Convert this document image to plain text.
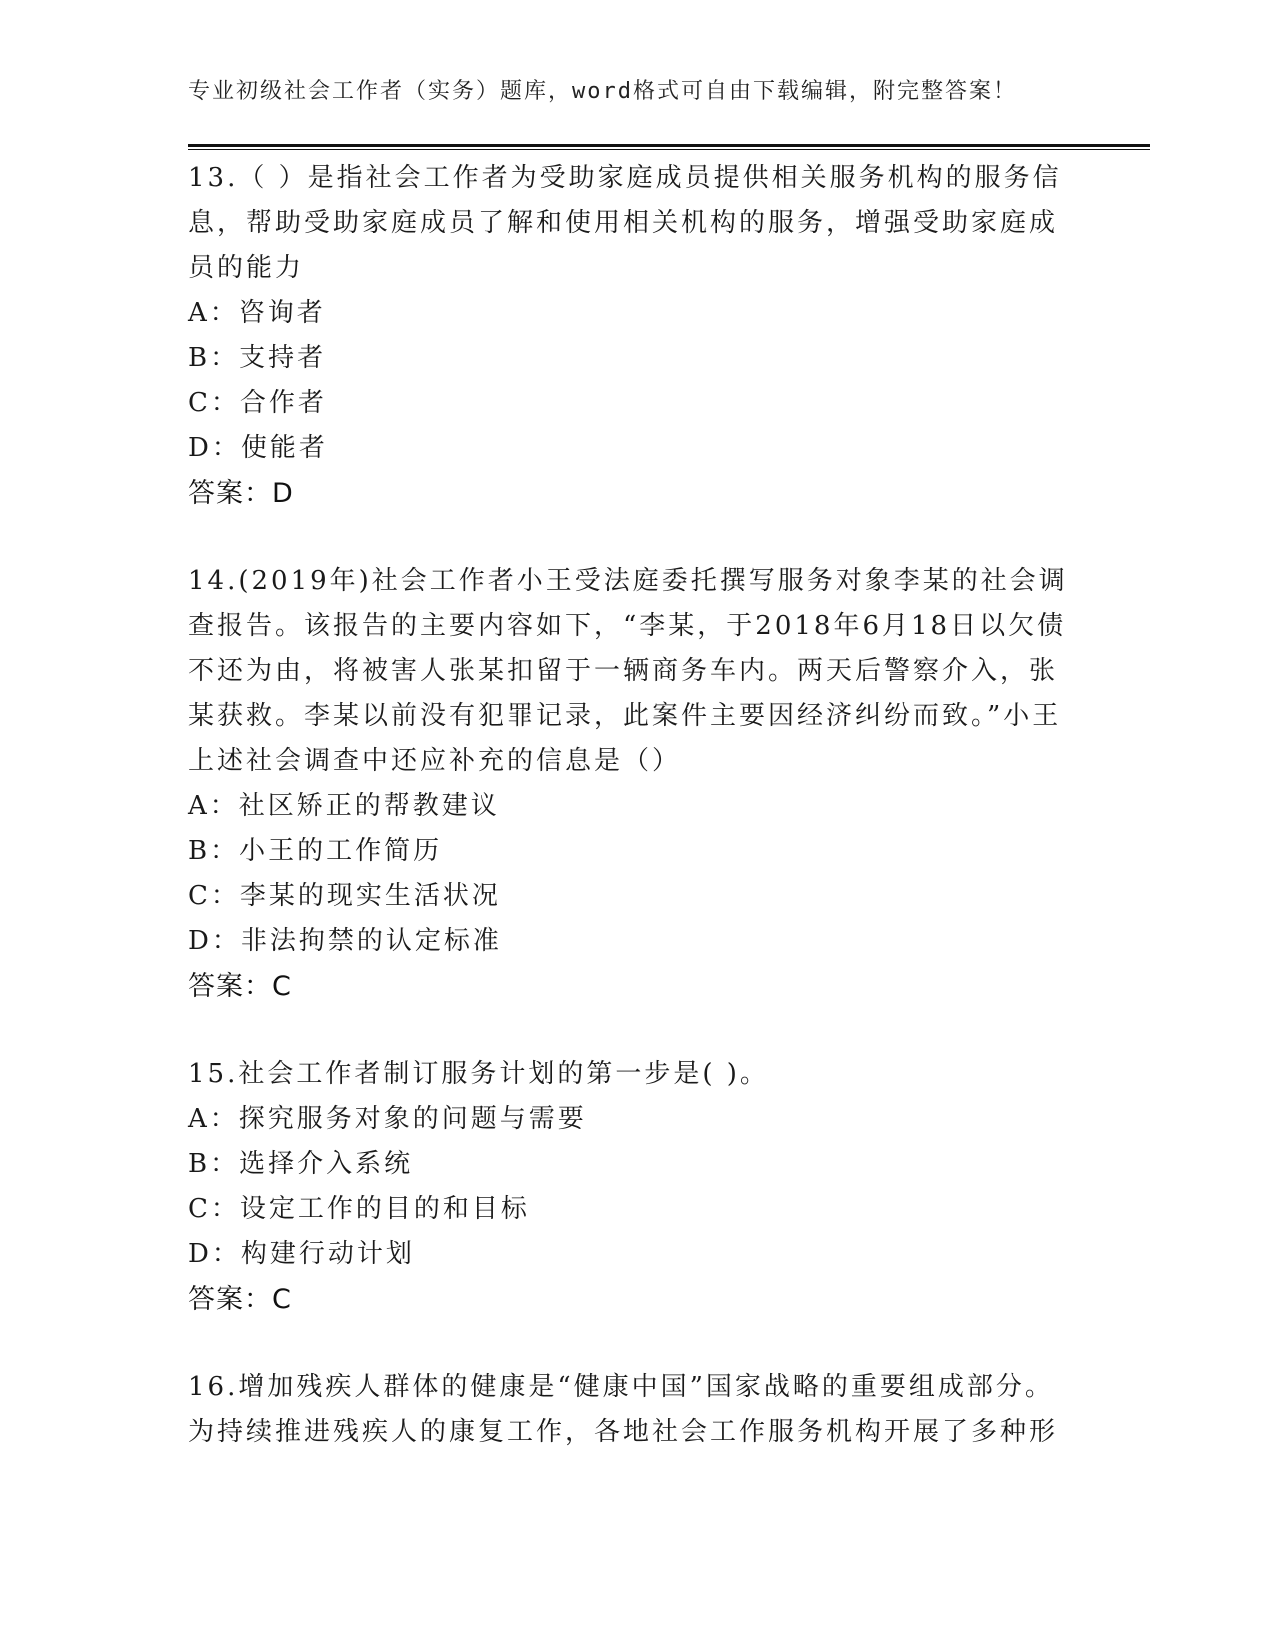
专业初级社会工作者（实务）题库，word格式可自由下载编辑，附完整答案！

13.（ ）是指社会工作者为受助家庭成员提供相关服务机构的服务信息，帮助受助家庭成员了解和使用相关机构的服务，增强受助家庭成员的能力

A：咨询者

B：支持者

C：合作者

D：使能者

答案：D

14.(2019年)社会工作者小王受法庭委托撰写服务对象李某的社会调查报告。该报告的主要内容如下，“李某，于2018年6月18日以欠债不还为由，将被害人张某扣留于一辆商务车内。两天后警察介入，张某获救。李某以前没有犯罪记录，此案件主要因经济纠纷而致。”小王上述社会调查中还应补充的信息是（）

A：社区矫正的帮教建议

B：小王的工作简历

C：李某的现实生活状况

D：非法拘禁的认定标准

答案：C

15.社会工作者制订服务计划的第一步是( )。

A：探究服务对象的问题与需要

B：选择介入系统

C：设定工作的目的和目标

D：构建行动计划

答案：C

16.增加残疾人群体的健康是“健康中国”国家战略的重要组成部分。为持续推进残疾人的康复工作，各地社会工作服务机构开展了多种形
